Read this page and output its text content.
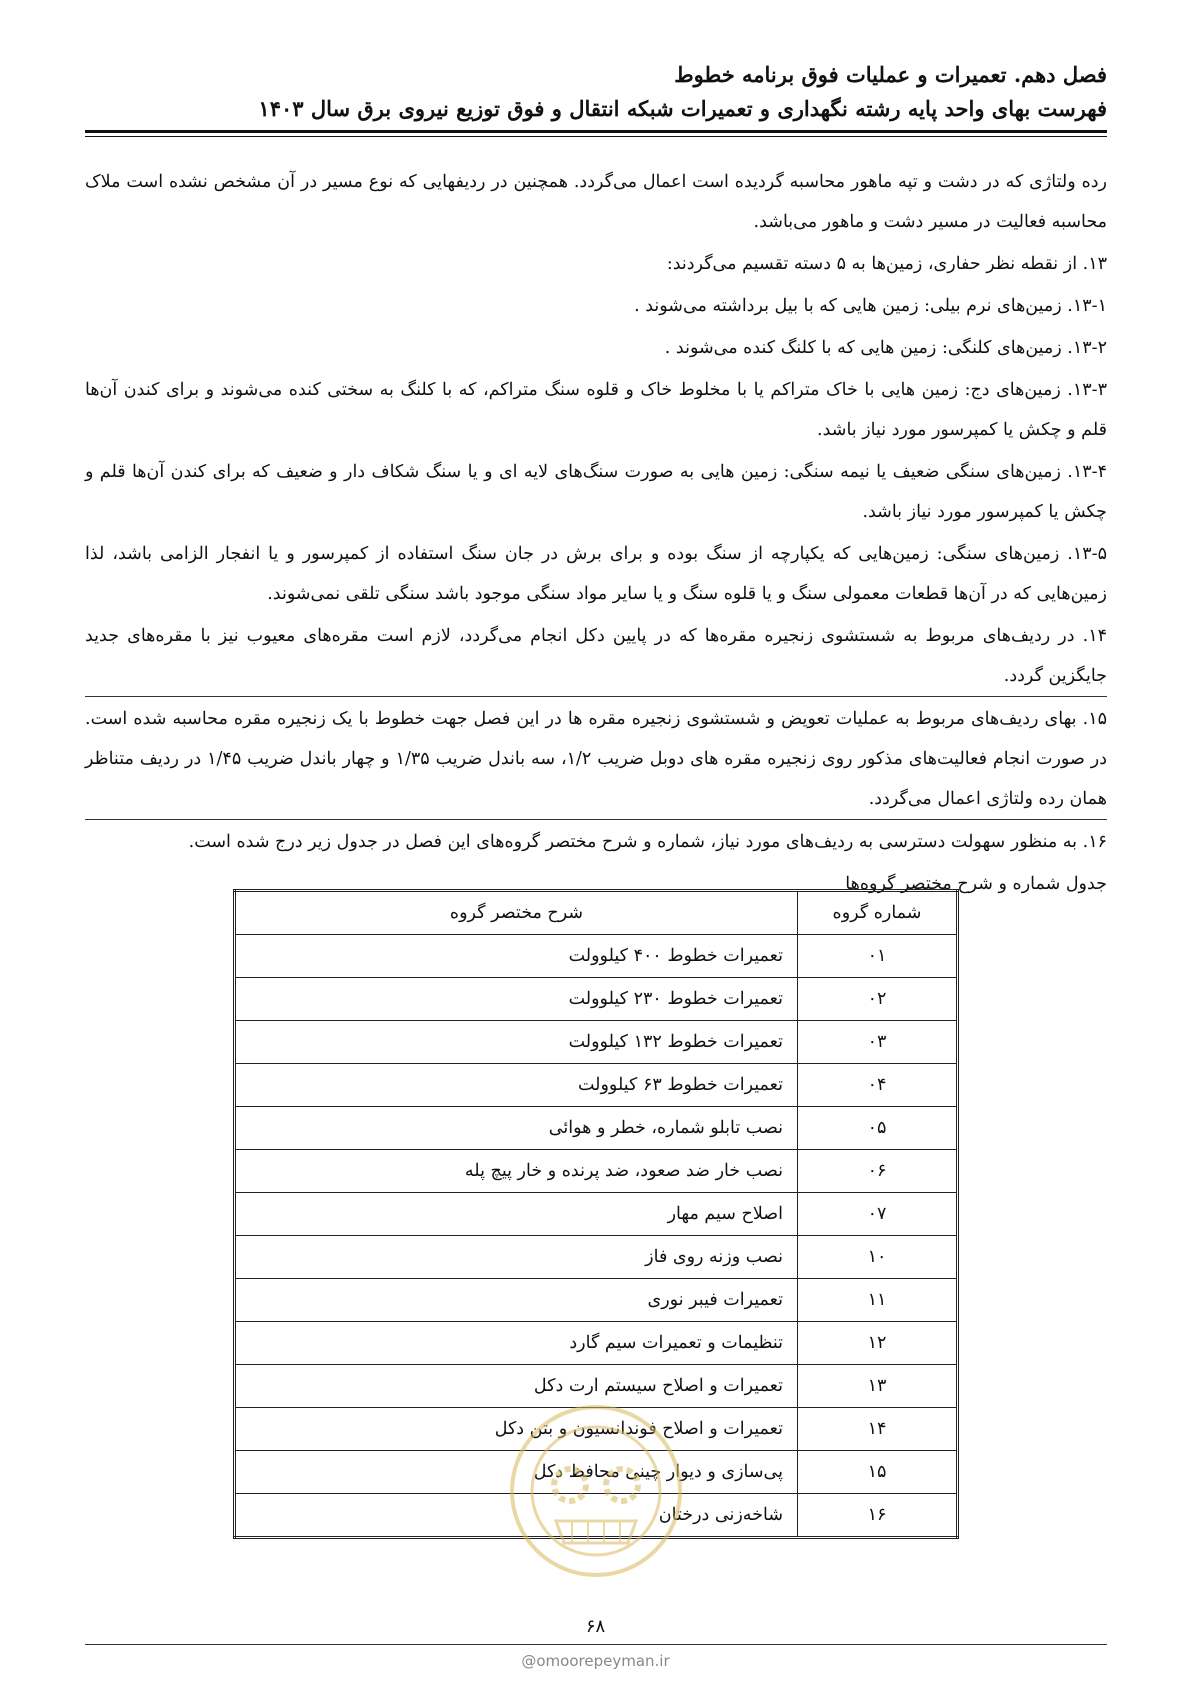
فصل دهم. تعمیرات و عملیات فوق برنامه خطوط
فهرست بهای واحد پایه رشته نگهداری و تعمیرات شبکه انتقال و فوق توزیع نیروی برق سال ۱۴۰۳

رده ولتاژی که در دشت و تپه ماهور محاسبه گردیده است اعمال می‌گردد. همچنین در ردیفهایی که نوع مسیر در آن مشخص نشده است ملاک محاسبه فعالیت در مسیر دشت و ماهور می‌باشد.

۱۳. از نقطه نظر حفاری، زمین‌ها به ۵ دسته تقسیم می‌گردند:

۱۳-۱. زمین‌های نرم بیلی: زمین هایی که با بیل برداشته می‌شوند .

۱۳-۲. زمین‌های کلنگی: زمین هایی که با کلنگ کنده می‌شوند .

۱۳-۳. زمین‌های دج: زمین هایی با خاک متراکم یا با مخلوط خاک و قلوه سنگ متراکم، که با کلنگ به سختی کنده می‌شوند و برای کندن آن‌ها قلم و چکش یا کمپرسور مورد نیاز باشد.

۱۳-۴. زمین‌های سنگی ضعیف یا نیمه سنگی: زمین هایی به صورت سنگ‌های لایه ای و یا سنگ شکاف دار و ضعیف که برای کندن آن‌ها قلم و چکش یا کمپرسور مورد نیاز باشد.

۱۳-۵. زمین‌های سنگی: زمین‌هایی که یکپارچه از سنگ بوده و برای برش در جان سنگ استفاده از کمپرسور و یا انفجار الزامی باشد، لذا زمین‌هایی که در آن‌ها قطعات معمولی سنگ و یا قلوه سنگ و یا سایر مواد سنگی موجود باشد سنگی تلقی نمی‌شوند.

۱۴. در ردیف‌های مربوط به شستشوی زنجیره مقره‌ها که در پایین دکل انجام می‌گردد، لازم است مقره‌های معیوب نیز با مقره‌های جدید جایگزین گردد.

۱۵. بهای ردیف‌های مربوط به عملیات تعویض و شستشوی زنجیره مقره ها در این فصل جهت خطوط با یک زنجیره مقره محاسبه شده است. در صورت انجام فعالیت‌های مذکور روی زنجیره مقره های دوبل ضریب ۱/۲، سه باندل ضریب ۱/۳۵ و چهار باندل ضریب ۱/۴۵ در ردیف متناظر همان رده ولتاژی اعمال می‌گردد.

۱۶. به منظور سهولت دسترسی به ردیف‌های مورد نیاز، شماره و شرح مختصر گروه‌های این فصل در جدول زیر درج شده است.

جدول شماره و شرح مختصر گروه‌ها
شماره گروه	شرح مختصر گروه
۰۱	تعمیرات خطوط ۴۰۰ کیلوولت
۰۲	تعمیرات خطوط ۲۳۰ کیلوولت
۰۳	تعمیرات خطوط ۱۳۲ کیلوولت
۰۴	تعمیرات خطوط ۶۳ کیلوولت
۰۵	نصب تابلو شماره، خطر و هوائی
۰۶	نصب خار ضد صعود، ضد پرنده و خار پیچ پله
۰۷	اصلاح سیم مهار
۱۰	نصب وزنه روی فاز
۱۱	تعمیرات فیبر نوری
۱۲	تنظیمات و تعمیرات سیم گارد
۱۳	تعمیرات و اصلاح سیستم ارت دکل
۱۴	تعمیرات و اصلاح فوندانسیون و بتن دکل
۱۵	پی‌سازی و دیوار چینی محافظ دکل
۱۶	شاخه‌زنی درختان
۶۸
@omoorepeyman.ir
